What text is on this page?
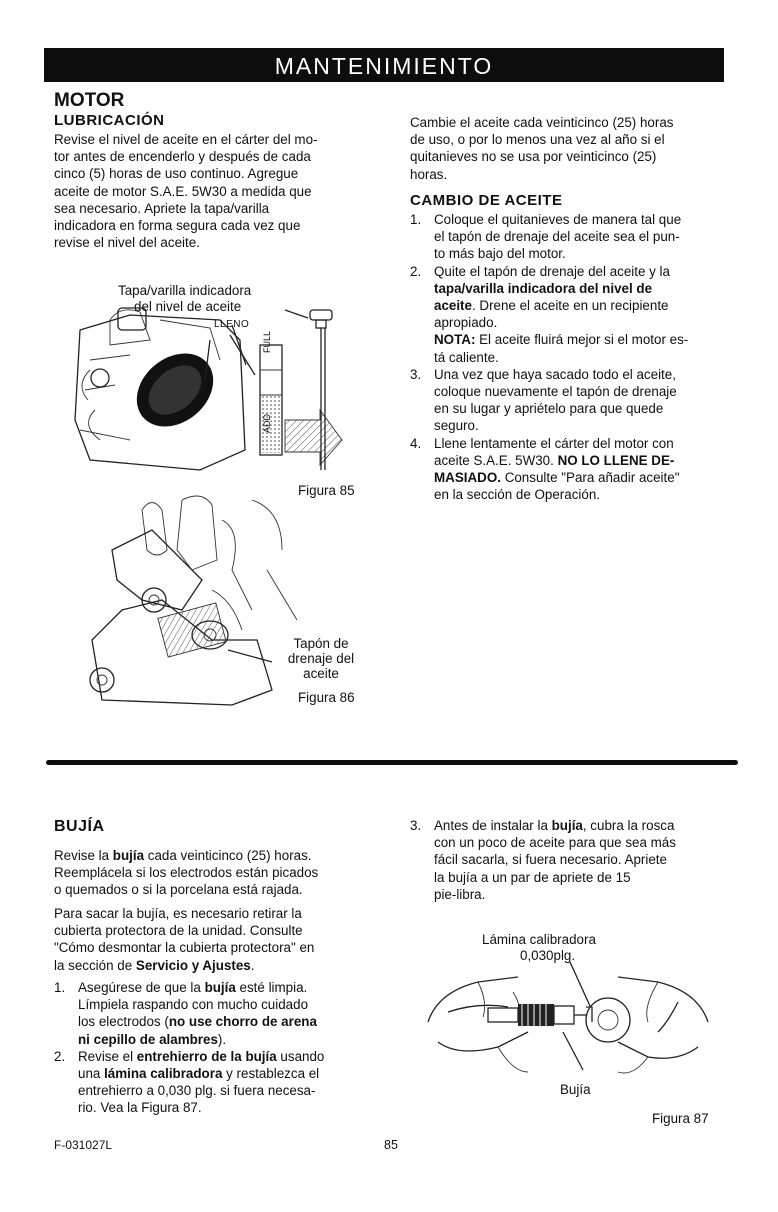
MANTENIMIENTO
MOTOR
LUBRICACIÓN
Revise el nivel de aceite en el cárter del mo-
tor antes de encenderlo y después de cada
cinco (5) horas de uso continuo. Agregue
aceite de motor S.A.E. 5W30 a medida que
sea necesario. Apriete la tapa/varilla
indicadora en forma segura cada vez que
revise el nivel del aceite.
Tapa/varilla indicadora
del nivel de aceite
LLENO
FULL
ADD
Figura 85
Tapón de
drenaje del
aceite
Figura 86
Cambie el aceite cada veinticinco (25) horas
de uso, o por lo menos una vez al año si el
quitanieves no se usa por veinticinco (25)
horas.
CAMBIO DE ACEITE
1. Coloque el quitanieves de manera tal que
el tapón de drenaje del aceite sea el pun-
to más bajo del motor.
2. Quite el tapón de drenaje del aceite y la
tapa/varilla indicadora del nivel de
aceite. Drene el aceite en un recipiente
apropiado.
NOTA: El aceite fluirá mejor si el motor es-
tá caliente.
3. Una vez que haya sacado todo el aceite,
coloque nuevamente el tapón de drenaje
en su lugar y apriételo para que quede
seguro.
4. Llene lentamente el cárter del motor con
aceite S.A.E. 5W30. NO LO LLENE DE-
MASIADO. Consulte "Para añadir aceite"
en la sección de Operación.
BUJÍA
Revise la bujía cada veinticinco (25) horas.
Reemplácela si los electrodos están picados
o quemados o si la porcelana está rajada.
Para sacar la bujía, es necesario retirar la
cubierta protectora de la unidad. Consulte
"Cómo desmontar la cubierta protectora" en
la sección de Servicio y Ajustes.
1. Asegúrese de que la bujía esté limpia.
Límpiela raspando con mucho cuidado
los electrodos (no use chorro de arena
ni cepillo de alambres).
2. Revise el entrehierro de la bujía usando
una lámina calibradora y restablezca el
entrehierro a 0,030 plg. si fuera necesa-
rio. Vea la Figura 87.
3. Antes de instalar la bujía, cubra la rosca
con un poco de aceite para que sea más
fácil sacarla, si fuera necesario. Apriete
la bujía a un par de apriete de 15
pie-libra.
Lámina calibradora
0,030plg.
Bujía
Figura 87
F-031027L	85
